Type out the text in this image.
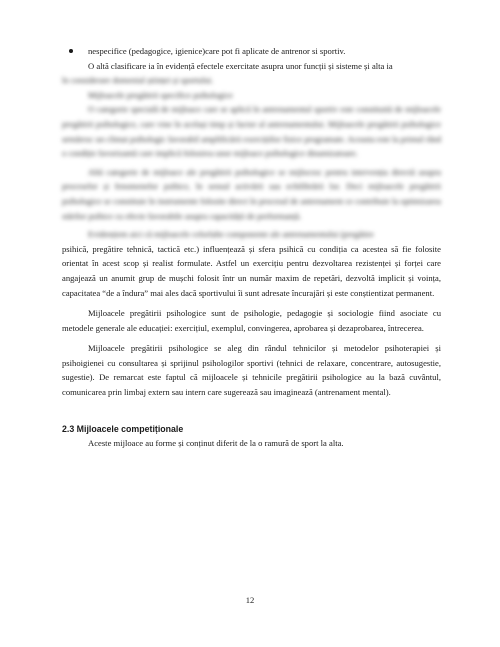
nespecifice (pedagogice, igienice)care pot fi aplicate de antrenor si sportiv.

O altă clasificare ia în evidență efectele exercitate asupra unor funcții și sisteme și alta ia

în considerare domeniul științei și sportului.

Mijloacele pregătirii specifice psihologice

O categorie specială de mijloace care se aplică în antrenamentul sportiv este constituită de mijloacele pregătirii psihologice, care vine în același timp și factor al antrenamentului. Mijloacele pregătirii psihologice urmăresc un climat psihologic favorabil amplificării exercițiilor fizice programate. Aceasta este la primul rând o condiție favorizantă care implică folosirea unor mijloace psihologice dinamizatoare.

Altă categorie de mijloace ale pregătirii psihologice se mijlocesc pentru intervenția directă asupra proceselor și fenomenelor psihice, în sensul activării sau echilibrării lor. Deci mijloacele pregătirii psihologice se constituie în instrumente folosite direct în procesul de antrenament ce contribuie la optimizarea stărilor psihice cu efecte favorabile asupra capacității de performanță.

Evidențiem aici că mijloacele celorlalte componente ale antrenamentului (pregătire

psihică, pregătire tehnică, tactică etc.) influențează și sfera psihică cu condiția ca acestea să fie folosite orientat în acest scop și realist formulate. Astfel un exercițiu pentru dezvoltarea rezistenței și forței care angajează un anumit grup de mușchi folosit într un număr maxim de repetări, dezvoltă implicit și voința, capacitatea “de a îndura” mai ales dacă sportivului îi sunt adresate încurajări și este conștientizat permanent.

Mijloacele pregătirii psihologice sunt de psihologie, pedagogie și sociologie fiind asociate cu metodele generale ale educației: exercițiul, exemplul, convingerea, aprobarea și dezaprobarea, întrecerea.

Mijloacele pregătirii psihologice se aleg din rândul tehnicilor și metodelor psihoterapiei și psihoigienei cu consultarea și sprijinul psihologilor sportivi (tehnici de relaxare, concentrare, autosugestie, sugestie). De remarcat este faptul că mijloacele și tehnicile pregătirii psihologice au la bază cuvântul, comunicarea prin limbaj extern sau intern care sugerează sau imaginează (antrenament mental).

2.3 Mijloacele competiționale

Aceste mijloace au forme și conținut diferit de la o ramură de sport la alta.

12
